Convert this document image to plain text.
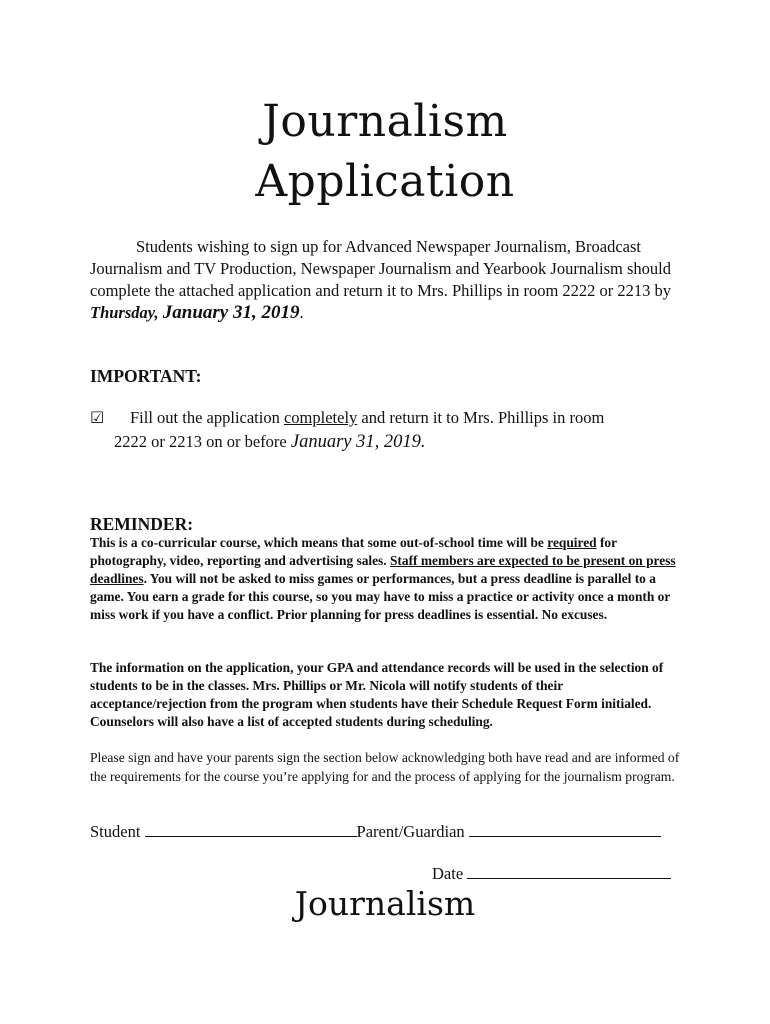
Journalism
Application
Students wishing to sign up for Advanced Newspaper Journalism, Broadcast Journalism and TV Production, Newspaper Journalism and Yearbook Journalism should complete the attached application and return it to Mrs. Phillips in room 2222 or 2213 by Thursday, January 31, 2019.
IMPORTANT:
☑ Fill out the application completely and return it to Mrs. Phillips in room
2222 or 2213 on or before January 31, 2019.
REMINDER:
This is a co-curricular course, which means that some out-of-school time will be required for photography, video, reporting and advertising sales. Staff members are expected to be present on press deadlines. You will not be asked to miss games or performances, but a press deadline is parallel to a game. You earn a grade for this course, so you may have to miss a practice or activity once a month or miss work if you have a conflict. Prior planning for press deadlines is essential. No excuses.
The information on the application, your GPA and attendance records will be used in the selection of students to be in the classes. Mrs. Phillips or Mr. Nicola will notify students of their acceptance/rejection from the program when students have their Schedule Request Form initialed. Counselors will also have a list of accepted students during scheduling.
Please sign and have your parents sign the section below acknowledging both have read and are informed of the requirements for the course you’re applying for and the process of applying for the journalism program.
Student	Parent/Guardian
Date
Journalism
